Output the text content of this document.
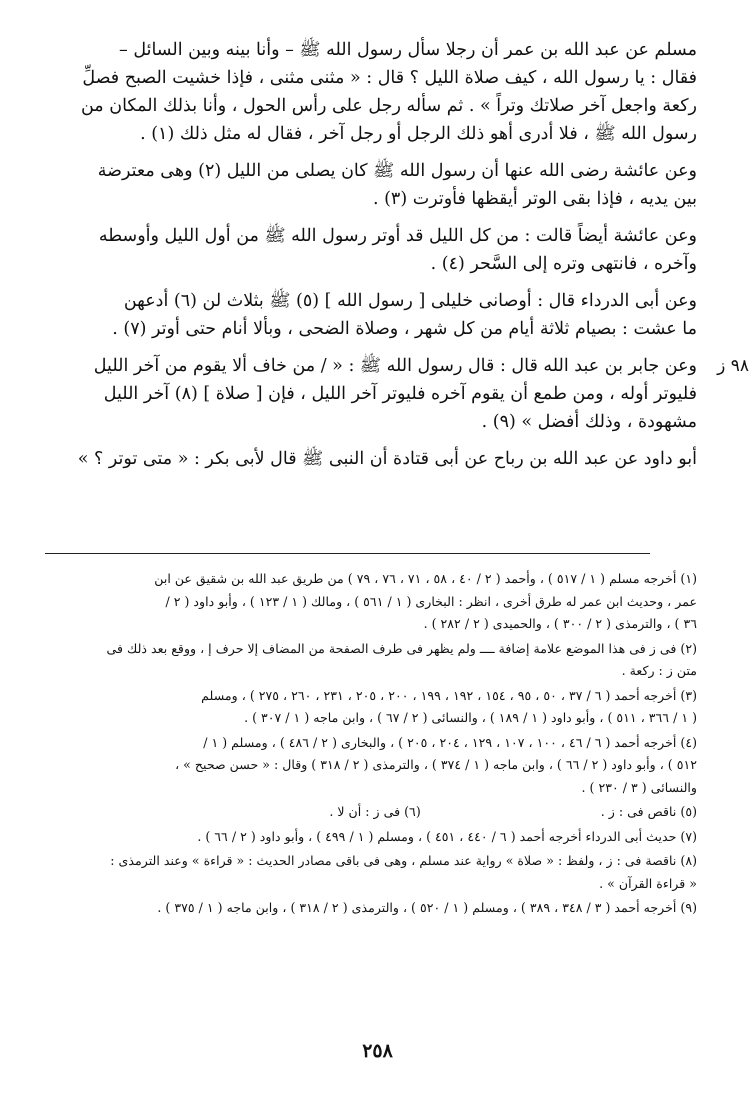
مسلم عن عبد الله بن عمر أن رجلا سأل رسول الله ﷺ – وأنا بينه وبين السائل –

فقال : يا رسول الله ، كيف صلاة الليل ؟ قال : « مثنى مثنى ، فإذا خشيت الصبح فصلِّ

ركعة واجعل آخر صلاتك وتراً » . ثم سأله رجل على رأس الحول ، وأنا بذلك المكان من

رسول الله ﷺ ، فلا أدرى أهو ذلك الرجل أو رجل آخر ، فقال له مثل ذلك (١) .

وعن عائشة رضى الله عنها أن رسول الله ﷺ كان يصلى من الليل (٢) وهى معترضة

بين يديه ، فإذا بقى الوتر أيقظها فأوترت (٣) .

وعن عائشة أيضاً قالت : من كل الليل قد أوتر رسول الله ﷺ من أول الليل وأوسطه

وآخره ، فانتهى وتره إلى السَّحر (٤) .

وعن أبى الدرداء قال : أوصانى خليلى [ رسول الله ] (٥) ﷺ بثلاث لن (٦) أدعهن

ما عشت : بصيام ثلاثة أيام من كل شهر ، وصلاة الضحى ، وبألا أنام حتى أوتر (٧) .

٩٨ ز

وعن جابر بن عبد الله قال : قال رسول الله ﷺ : « / من خاف ألا يقوم من آخر الليل

فليوتر أوله ، ومن طمع أن يقوم آخره فليوتر آخر الليل ، فإن [ صلاة ] (٨) آخر الليل

مشهودة ، وذلك أفضل » (٩) .

أبو داود عن عبد الله بن رباح عن أبى قتادة أن النبى ﷺ قال لأبى بكر : « متى توتر ؟ »

(١) أخرجه مسلم ( ١ / ٥١٧ ) ، وأحمد ( ٢ / ٤٠ ، ٥٨ ، ٧١ ، ٧٦ ، ٧٩ ) من طريق عبد الله بن شقيق عن ابن
عمر ، وحديث ابن عمر له طرق أخرى ، انظر : البخارى ( ١ / ٥٦١ ) ، ومالك ( ١ / ١٢٣ ) ، وأبو داود ( ٢ /
٣٦ ) ، والترمذى ( ٢ / ٣٠٠ ) ، والحميدى ( ٢ / ٢٨٢ ) .
(٢) فى ز فى هذا الموضع علامة إضافة ــــ ولم يظهر فى طرف الصفحة من المضاف إلا حرف إ ، ووقع بعد ذلك فى
متن ز : ركعة .
(٣) أخرجه أحمد ( ٦ / ٣٧ ، ٥٠ ، ٩٥ ، ١٥٤ ، ١٩٢ ، ١٩٩ ، ٢٠٠ ، ٢٠٥ ، ٢٣١ ، ٢٦٠ ، ٢٧٥ ) ، ومسلم
( ١ / ٣٦٦ ، ٥١١ ) ، وأبو داود ( ١ / ١٨٩ ) ، والنسائى ( ٢ / ٦٧ ) ، وابن ماجه ( ١ / ٣٠٧ ) .
(٤) أخرجه أحمد ( ٦ / ٤٦ ، ١٠٠ ، ١٠٧ ، ١٢٩ ، ٢٠٤ ، ٢٠٥ ) ، والبخارى ( ٢ / ٤٨٦ ) ، ومسلم ( ١ /
٥١٢ ) ، وأبو داود ( ٢ / ٦٦ ) ، وابن ماجه ( ١ / ٣٧٤ ) ، والترمذى ( ٢ / ٣١٨ ) وقال : « حسن صحيح » ،
والنسائى ( ٣ / ٢٣٠ ) .
(٥) ناقص فى : ز .
(٦) فى ز : أن لا .
(٧) حديث أبى الدرداء أخرجه أحمد ( ٦ / ٤٤٠ ، ٤٥١ ) ، ومسلم ( ١ / ٤٩٩ ) ، وأبو داود ( ٢ / ٦٦ ) .
(٨) ناقصة فى : ز ، ولفظ : « صلاة » رواية عند مسلم ، وهى فى باقى مصادر الحديث : « قراءة » وعند الترمذى :
« قراءة القرآن » .
(٩) أخرجه أحمد ( ٣ / ٣٤٨ ، ٣٨٩ ) ، ومسلم ( ١ / ٥٢٠ ) ، والترمذى ( ٢ / ٣١٨ ) ، وابن ماجه ( ١ / ٣٧٥ ) .
٢٥٨
